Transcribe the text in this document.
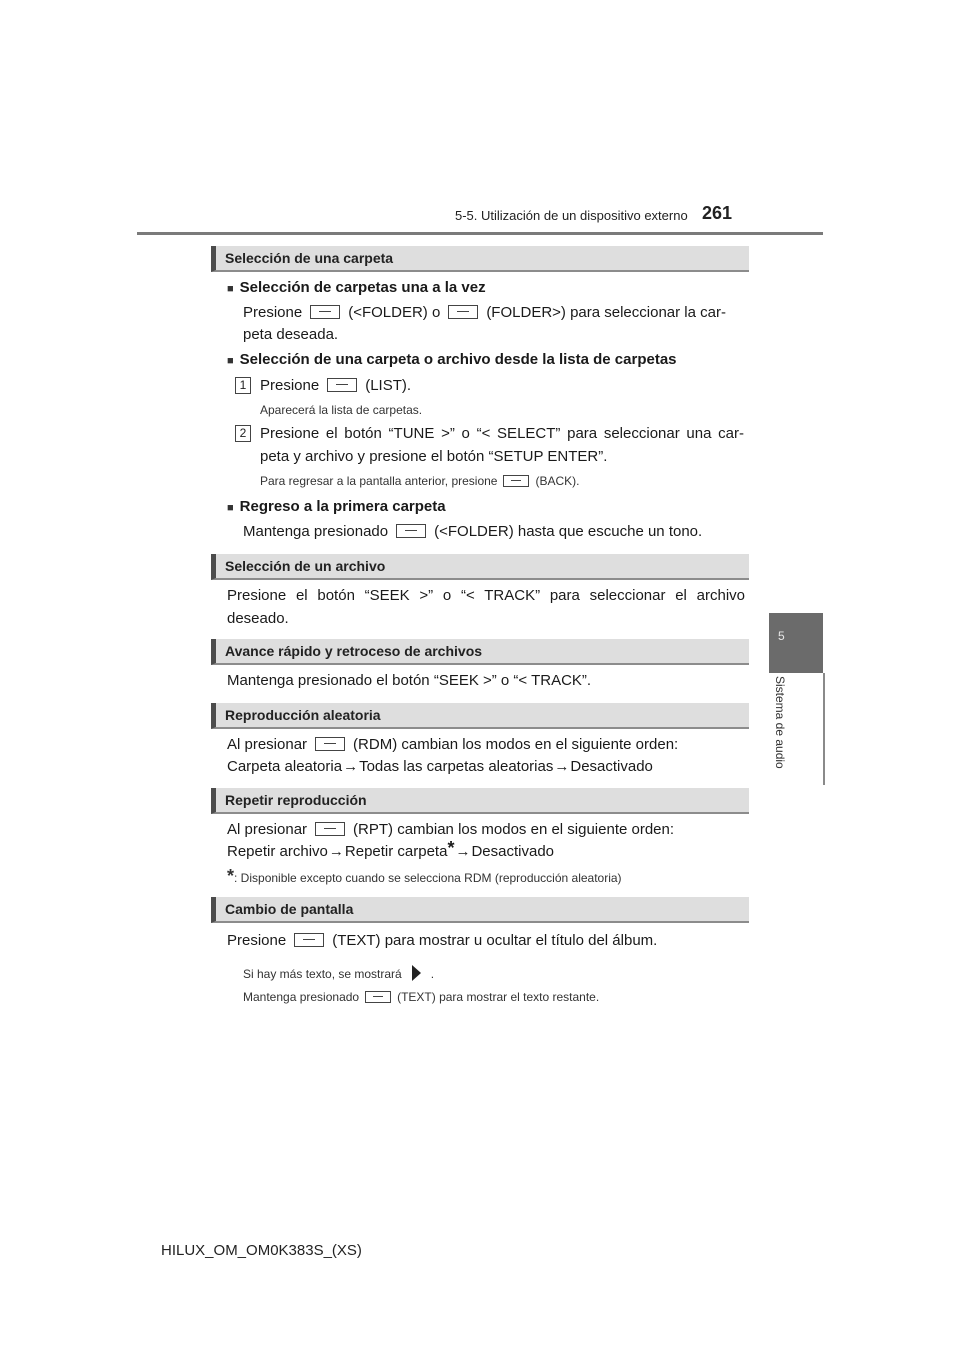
5-5. Utilización de un dispositivo externo 261
5
Sistema de audio
Selección de una carpeta
■ Selección de carpetas una a la vez
Presione	(<FOLDER) o	(FOLDER>) para seleccionar la car-
peta deseada.
■ Selección de una carpeta o archivo desde la lista de carpetas
1 Presione	(LIST).
Aparecerá la lista de carpetas.
2 Presione el botón “TUNE >” o “< SELECT” para seleccionar una car-
peta y archivo y presione el botón “SETUP ENTER”.
Para regresar a la pantalla anterior, presione	(BACK).
■ Regreso a la primera carpeta
Mantenga presionado	(<FOLDER) hasta que escuche un tono.
Selección de un archivo
Presione el botón “SEEK >” o “< TRACK” para seleccionar el archivo
deseado.
Avance rápido y retroceso de archivos
Mantenga presionado el botón “SEEK >” o “< TRACK”.
Reproducción aleatoria
Al presionar	(RDM) cambian los modos en el siguiente orden:
Carpeta aleatoria→Todas las carpetas aleatorias→Desactivado
Repetir reproducción
Al presionar	(RPT) cambian los modos en el siguiente orden:
Repetir archivo→Repetir carpeta*→Desactivado
*: Disponible excepto cuando se selecciona RDM (reproducción aleatoria)
Cambio de pantalla
Presione	(TEXT) para mostrar u ocultar el título del álbum.
Si hay más texto, se mostrará .
Mantenga presionado	(TEXT) para mostrar el texto restante.
HILUX_OM_OM0K383S_(XS)
